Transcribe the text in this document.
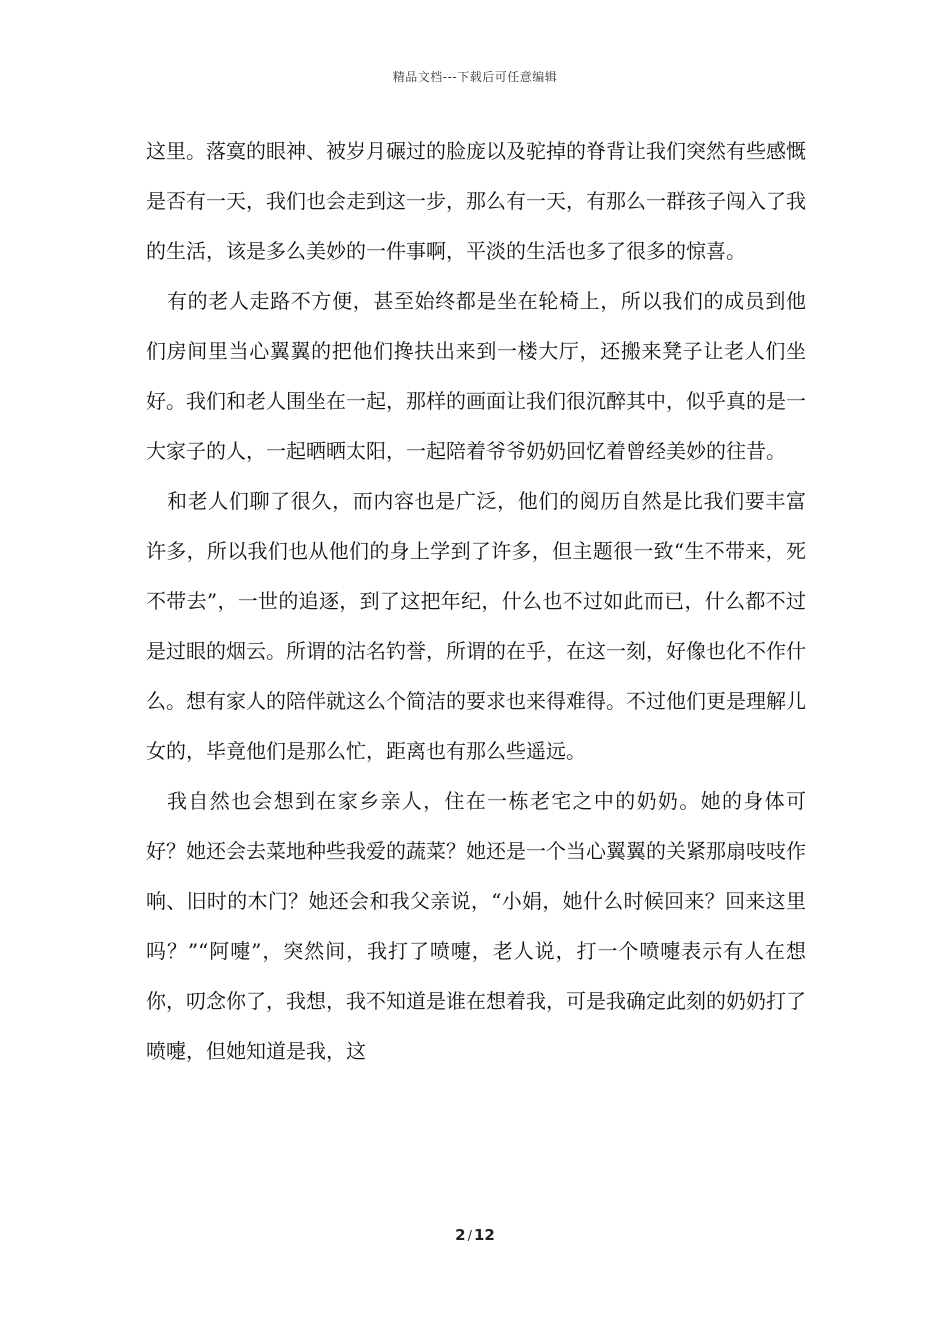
精品文档---下载后可任意编辑

这里。落寞的眼神、被岁月碾过的脸庞以及驼掉的脊背让我们突然有些感慨是否有一天，我们也会走到这一步，那么有一天，有那么一群孩子闯入了我的生活，该是多么美妙的一件事啊，平淡的生活也多了很多的惊喜。

有的老人走路不方便，甚至始终都是坐在轮椅上，所以我们的成员到他们房间里当心翼翼的把他们搀扶出来到一楼大厅，还搬来凳子让老人们坐好。我们和老人围坐在一起，那样的画面让我们很沉醉其中，似乎真的是一大家子的人，一起晒晒太阳，一起陪着爷爷奶奶回忆着曾经美妙的往昔。

和老人们聊了很久，而内容也是广泛，他们的阅历自然是比我们要丰富许多，所以我们也从他们的身上学到了许多，但主题很一致“生不带来，死不带去”，一世的追逐，到了这把年纪，什么也不过如此而已，什么都不过是过眼的烟云。所谓的沽名钓誉，所谓的在乎，在这一刻，好像也化不作什么。想有家人的陪伴就这么个简洁的要求也来得难得。不过他们更是理解儿女的，毕竟他们是那么忙，距离也有那么些遥远。

我自然也会想到在家乡亲人，住在一栋老宅之中的奶奶。她的身体可好？她还会去菜地种些我爱的蔬菜？她还是一个当心翼翼的关紧那扇吱吱作响、旧时的木门？她还会和我父亲说，“小娟，她什么时候回来？回来这里吗？”“阿嚏”，突然间，我打了喷嚏，老人说，打一个喷嚏表示有人在想你，叨念你了，我想，我不知道是谁在想着我，可是我确定此刻的奶奶打了喷嚏，但她知道是我，这

2 / 12
